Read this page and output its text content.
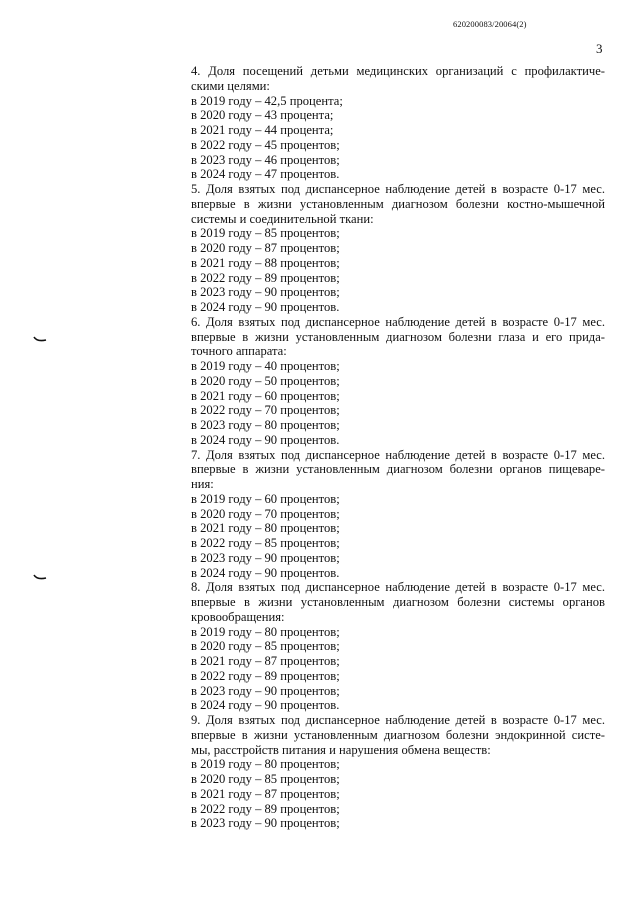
620200083/20064(2)
3
4. Доля посещений детьми медицинских организаций с профилактиче-
скими целями:
в 2019 году – 42,5 процента;
в 2020 году – 43 процента;
в 2021 году – 44 процента;
в 2022 году – 45 процентов;
в 2023 году – 46 процентов;
в 2024 году – 47 процентов.
5. Доля взятых под диспансерное наблюдение детей в возрасте 0-17 мес.
впервые в жизни установленным диагнозом болезни костно-мышечной
системы и соединительной ткани:
в 2019 году – 85 процентов;
в 2020 году – 87 процентов;
в 2021 году – 88 процентов;
в 2022 году – 89 процентов;
в 2023 году – 90 процентов;
в 2024 году – 90 процентов.
6. Доля взятых под диспансерное наблюдение детей в возрасте 0-17 мес.
впервые в жизни установленным диагнозом болезни глаза и его прида-
точного аппарата:
в 2019 году – 40 процентов;
в 2020 году – 50 процентов;
в 2021 году – 60 процентов;
в 2022 году – 70 процентов;
в 2023 году – 80 процентов;
в 2024 году – 90 процентов.
7. Доля взятых под диспансерное наблюдение детей в возрасте 0-17 мес.
впервые в жизни установленным диагнозом болезни органов пищеваре-
ния:
в 2019 году – 60 процентов;
в 2020 году – 70 процентов;
в 2021 году – 80 процентов;
в 2022 году – 85 процентов;
в 2023 году – 90 процентов;
в 2024 году – 90 процентов.
8. Доля взятых под диспансерное наблюдение детей в возрасте 0-17 мес.
впервые в жизни установленным диагнозом болезни системы органов
кровообращения:
в 2019 году – 80 процентов;
в 2020 году – 85 процентов;
в 2021 году – 87 процентов;
в 2022 году – 89 процентов;
в 2023 году – 90 процентов;
в 2024 году – 90 процентов.
9. Доля взятых под диспансерное наблюдение детей в возрасте 0-17 мес.
впервые в жизни установленным диагнозом болезни эндокринной систе-
мы, расстройств питания и нарушения обмена веществ:
в 2019 году – 80 процентов;
в 2020 году – 85 процентов;
в 2021 году – 87 процентов;
в 2022 году – 89 процентов;
в 2023 году – 90 процентов;
